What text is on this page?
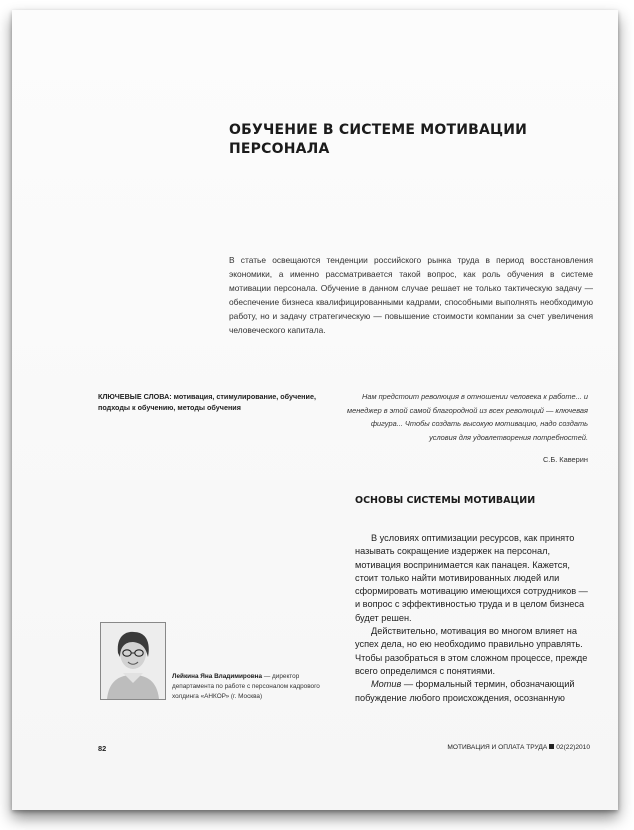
ОБУЧЕНИЕ В СИСТЕМЕ МОТИВАЦИИ ПЕРСОНАЛА
В статье освещаются тенденции российского рынка труда в период восстановления экономики, а именно рассматривается такой вопрос, как роль обучения в системе мотивации персонала. Обучение в данном случае решает не только тактическую задачу — обеспечение бизнеса квалифицированными кадрами, способными выполнять необходимую работу, но и задачу стратегическую — повышение стоимости компании за счет увеличения человеческого капитала.
КЛЮЧЕВЫЕ СЛОВА: мотивация, стимулирование, обучение, подходы к обучению, методы обучения
Нам предстоит революция в отношении человека к работе... и менеджер в этой самой благородной из всех революций — ключевая фигура... Чтобы создать высокую мотивацию, надо создать условия для удовлетворения потребностей.
С.Б. Каверин
ОСНОВЫ СИСТЕМЫ МОТИВАЦИИ

В условиях оптимизации ресурсов, как принято называть сокращение издержек на персонал, мотивация воспринимается как панацея. Кажется, стоит только найти мотивированных людей или сформировать мотивацию имеющихся сотрудников — и вопрос с эффективностью труда и в целом бизнеса будет решен.

Действительно, мотивация во многом влияет на успех дела, но ею необходимо правильно управлять. Чтобы разобраться в этом сложном процессе, прежде всего определимся с понятиями.

Мотив — формальный термин, обозначающий побуждение любого происхождения, осознанную

Лейкина Яна Владимировна — директор департамента по работе с персоналом кадрового холдинга «АНКОР» (г. Москва)
82	МОТИВАЦИЯ И ОПЛАТА ТРУДА 02(22)2010
